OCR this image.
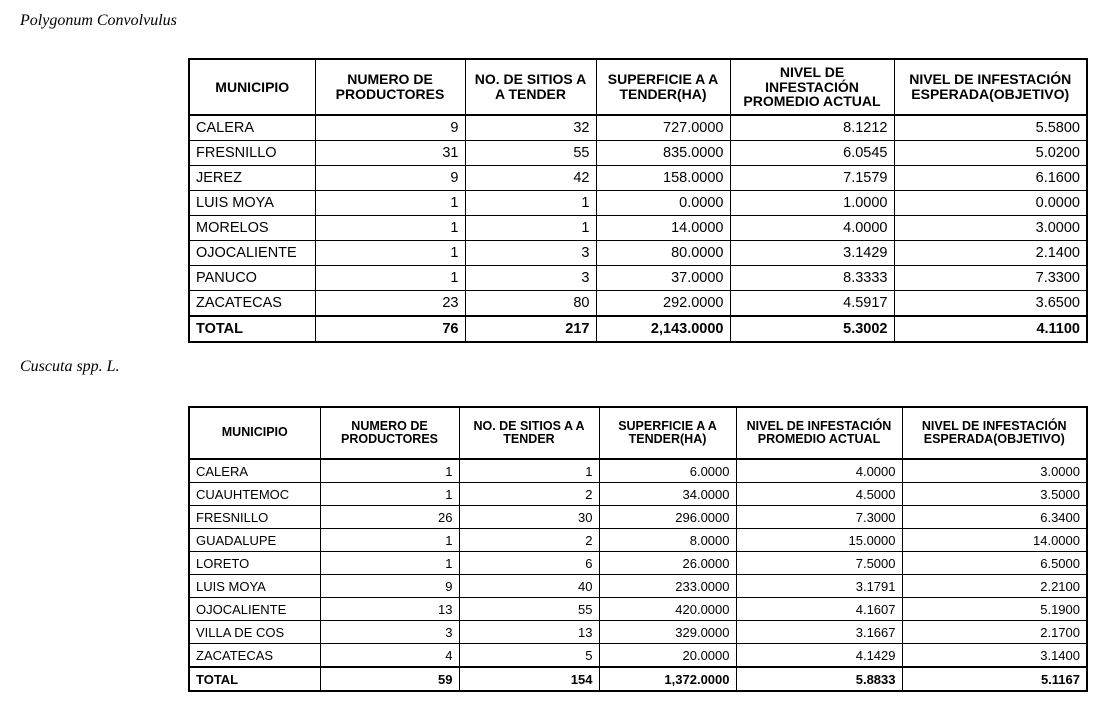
Polygonum Convolvulus
MUNICIPIO	NUMERO DE PRODUCTORES	NO. DE SITIOS A A TENDER	SUPERFICIE A A TENDER(HA)	NIVEL DE INFESTACIÓN PROMEDIO ACTUAL	NIVEL DE INFESTACIÓN ESPERADA(OBJETIVO)
CALERA	9	32	727.0000	8.1212	5.5800
FRESNILLO	31	55	835.0000	6.0545	5.0200
JEREZ	9	42	158.0000	7.1579	6.1600
LUIS MOYA	1	1	0.0000	1.0000	0.0000
MORELOS	1	1	14.0000	4.0000	3.0000
OJOCALIENTE	1	3	80.0000	3.1429	2.1400
PANUCO	1	3	37.0000	8.3333	7.3300
ZACATECAS	23	80	292.0000	4.5917	3.6500
TOTAL	76	217	2,143.0000	5.3002	4.1100
Cuscuta spp. L.
MUNICIPIO	NUMERO DE PRODUCTORES	NO. DE SITIOS A A TENDER	SUPERFICIE A A TENDER(HA)	NIVEL DE INFESTACIÓN PROMEDIO ACTUAL	NIVEL DE INFESTACIÓN ESPERADA(OBJETIVO)
CALERA	1	1	6.0000	4.0000	3.0000
CUAUHTEMOC	1	2	34.0000	4.5000	3.5000
FRESNILLO	26	30	296.0000	7.3000	6.3400
GUADALUPE	1	2	8.0000	15.0000	14.0000
LORETO	1	6	26.0000	7.5000	6.5000
LUIS MOYA	9	40	233.0000	3.1791	2.2100
OJOCALIENTE	13	55	420.0000	4.1607	5.1900
VILLA DE COS	3	13	329.0000	3.1667	2.1700
ZACATECAS	4	5	20.0000	4.1429	3.1400
TOTAL	59	154	1,372.0000	5.8833	5.1167
